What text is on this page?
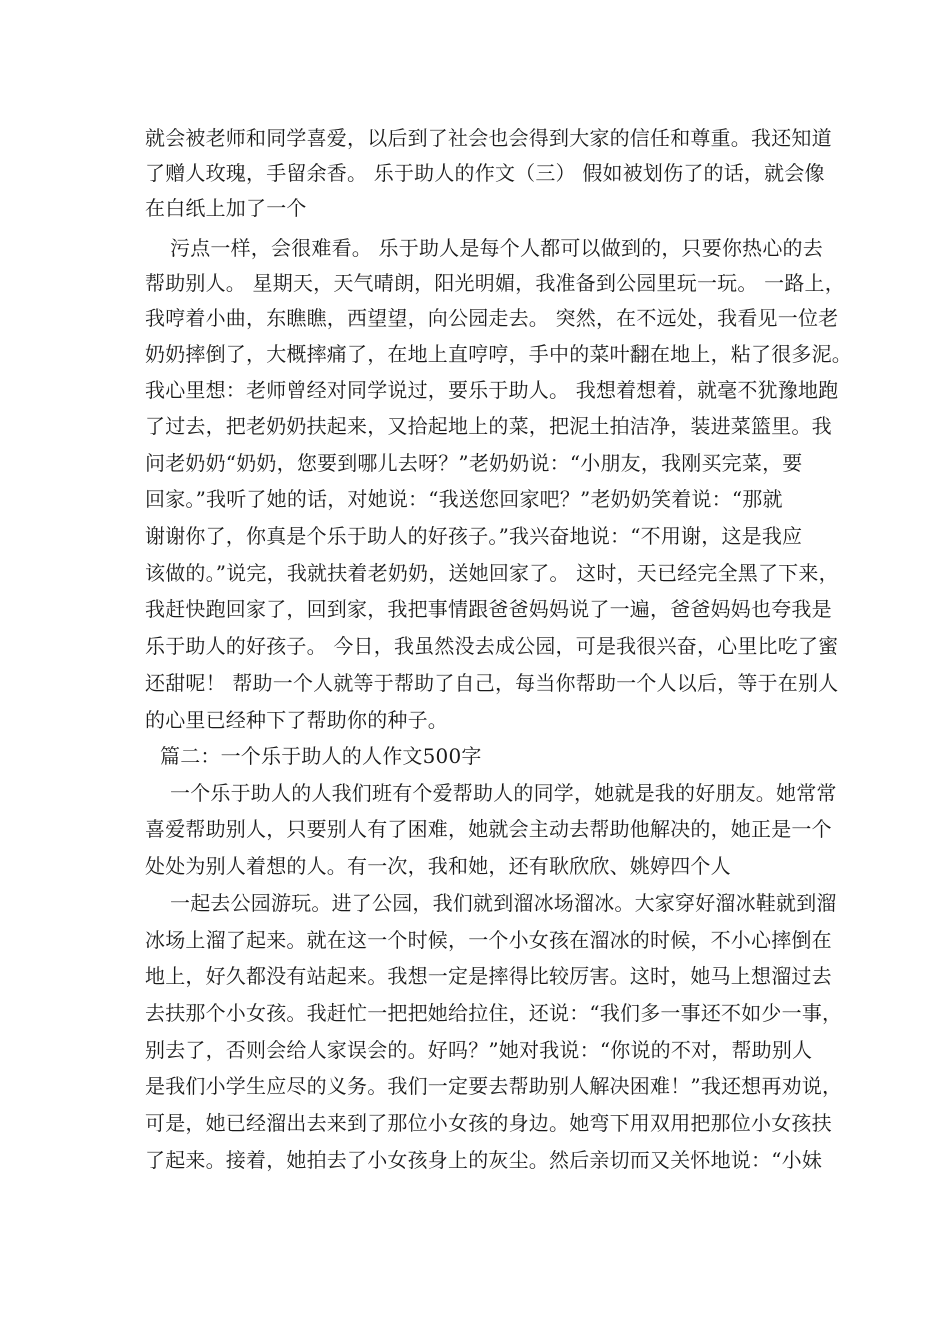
就会被老师和同学喜爱，以后到了社会也会得到大家的信任和尊重。我还知道
了赠人玫瑰，手留余香。 乐于助人的作文（三） 假如被划伤了的话，就会像
在白纸上加了一个
污点一样，会很难看。 乐于助人是每个人都可以做到的，只要你热心的去
帮助别人。 星期天，天气晴朗，阳光明媚，我准备到公园里玩一玩。 一路上，
我哼着小曲，东瞧瞧，西望望，向公园走去。 突然，在不远处，我看见一位老
奶奶摔倒了，大概摔痛了，在地上直哼哼，手中的菜叶翻在地上，粘了很多泥。
我心里想：老师曾经对同学说过，要乐于助人。 我想着想着，就毫不犹豫地跑
了过去，把老奶奶扶起来，又拾起地上的菜，把泥土拍洁净，装进菜篮里。我
问老奶奶“奶奶，您要到哪儿去呀？”老奶奶说：“小朋友，我刚买完菜，要
回家。”我听了她的话，对她说：“我送您回家吧？”老奶奶笑着说：“那就
谢谢你了，你真是个乐于助人的好孩子。”我兴奋地说：“不用谢，这是我应
该做的。”说完，我就扶着老奶奶，送她回家了。 这时，天已经完全黑了下来，
我赶快跑回家了，回到家，我把事情跟爸爸妈妈说了一遍，爸爸妈妈也夸我是
乐于助人的好孩子。 今日，我虽然没去成公园，可是我很兴奋，心里比吃了蜜
还甜呢！ 帮助一个人就等于帮助了自己，每当你帮助一个人以后，等于在别人
的心里已经种下了帮助你的种子。
篇二：一个乐于助人的人作文500字
一个乐于助人的人我们班有个爱帮助人的同学，她就是我的好朋友。她常常
喜爱帮助别人，只要别人有了困难，她就会主动去帮助他解决的，她正是一个
处处为别人着想的人。有一次，我和她，还有耿欣欣、姚婷四个人
一起去公园游玩。进了公园，我们就到溜冰场溜冰。大家穿好溜冰鞋就到溜
冰场上溜了起来。就在这一个时候，一个小女孩在溜冰的时候，不小心摔倒在
地上，好久都没有站起来。我想一定是摔得比较厉害。这时，她马上想溜过去
去扶那个小女孩。我赶忙一把把她给拉住，还说：“我们多一事还不如少一事，
别去了，否则会给人家误会的。好吗？”她对我说：“你说的不对，帮助别人
是我们小学生应尽的义务。我们一定要去帮助别人解决困难！”我还想再劝说，
可是，她已经溜出去来到了那位小女孩的身边。她弯下用双用把那位小女孩扶
了起来。接着，她拍去了小女孩身上的灰尘。然后亲切而又关怀地说：“小妹
